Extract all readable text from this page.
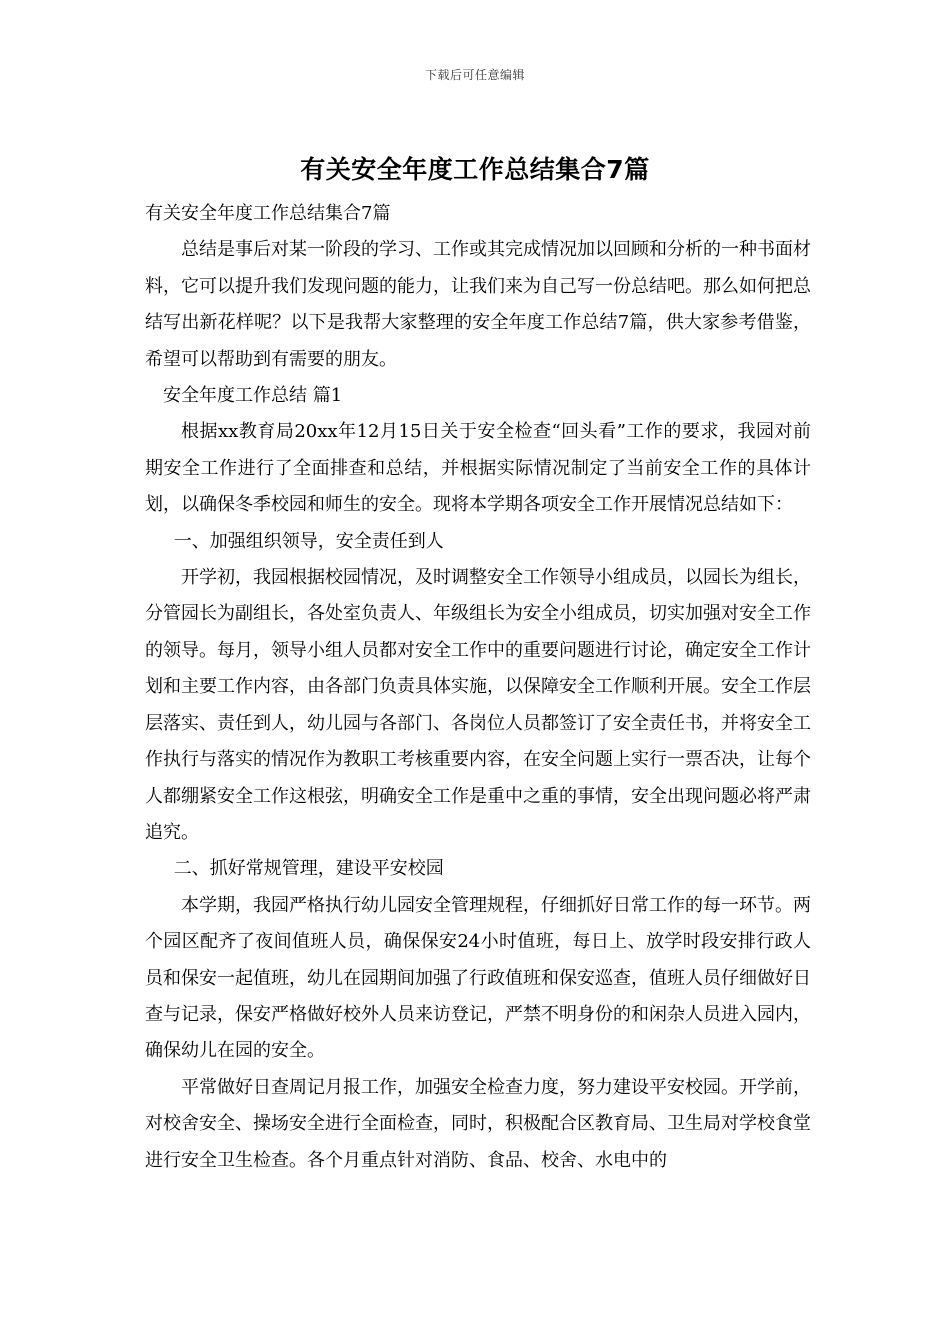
下载后可任意编辑
有关安全年度工作总结集合7篇

有关安全年度工作总结集合7篇

总结是事后对某一阶段的学习、工作或其完成情况加以回顾和分析的一种书面材料，它可以提升我们发现问题的能力，让我们来为自己写一份总结吧。那么如何把总结写出新花样呢？以下是我帮大家整理的安全年度工作总结7篇，供大家参考借鉴，希望可以帮助到有需要的朋友。

安全年度工作总结 篇1

根据xx教育局20xx年12月15日关于安全检查“回头看”工作的要求，我园对前期安全工作进行了全面排查和总结，并根据实际情况制定了当前安全工作的具体计划，以确保冬季校园和师生的安全。现将本学期各项安全工作开展情况总结如下：

一、加强组织领导，安全责任到人

开学初，我园根据校园情况，及时调整安全工作领导小组成员，以园长为组长，分管园长为副组长，各处室负责人、年级组长为安全小组成员，切实加强对安全工作的领导。每月，领导小组人员都对安全工作中的重要问题进行讨论，确定安全工作计划和主要工作内容，由各部门负责具体实施，以保障安全工作顺利开展。安全工作层层落实、责任到人，幼儿园与各部门、各岗位人员都签订了安全责任书，并将安全工作执行与落实的情况作为教职工考核重要内容，在安全问题上实行一票否决，让每个人都绷紧安全工作这根弦，明确安全工作是重中之重的事情，安全出现问题必将严肃追究。

二、抓好常规管理，建设平安校园

本学期，我园严格执行幼儿园安全管理规程，仔细抓好日常工作的每一环节。两个园区配齐了夜间值班人员，确保保安24小时值班，每日上、放学时段安排行政人员和保安一起值班，幼儿在园期间加强了行政值班和保安巡查，值班人员仔细做好日查与记录，保安严格做好校外人员来访登记，严禁不明身份的和闲杂人员进入园内，确保幼儿在园的安全。

平常做好日查周记月报工作，加强安全检查力度，努力建设平安校园。开学前，对校舍安全、操场安全进行全面检查，同时，积极配合区教育局、卫生局对学校食堂进行安全卫生检查。各个月重点针对消防、食品、校舍、水电中的
